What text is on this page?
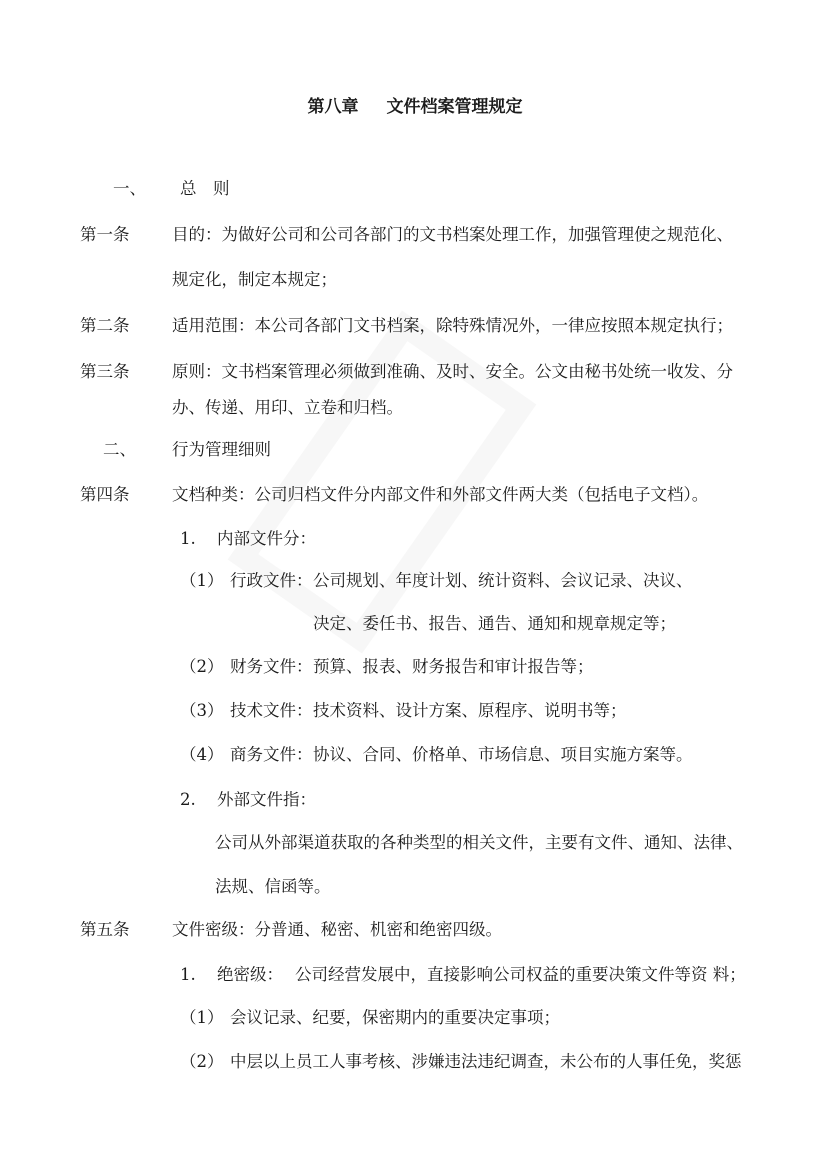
第八章 文件档案管理规定
一、 总　则
第一条	目的：为做好公司和公司各部门的文书档案处理工作，加强管理使之规范化、
规定化，制定本规定；
第二条	适用范围：本公司各部门文书档案，除特殊情况外，一律应按照本规定执行；
第三条	原则：文书档案管理必须做到准确、及时、安全。公文由秘书处统一收发、分
办、传递、用印、立卷和归档。
二、 行为管理细则
第四条	文档种类：公司归档文件分内部文件和外部文件两大类（包括电子文档）。
1. 内部文件分：
（1） 行政文件： 公司规划、年度计划、统计资料、会议记录、决议、
决定、委任书、报告、通告、通知和规章规定等；
（2） 财务文件： 预算、报表、财务报告和审计报告等；
（3） 技术文件： 技术资料、设计方案、原程序、说明书等；
（4） 商务文件： 协议、合同、价格单、市场信息、项目实施方案等。
2. 外部文件指：
公司从外部渠道获取的各种类型的相关文件，主要有文件、通知、法律、
法规、信函等。
第五条	文件密级：分普通、秘密、机密和绝密四级。
1. 绝密级： 公司经营发展中，直接影响公司权益的重要决策文件等资 料；
（1） 会议记录、纪要，保密期内的重要决定事项；
（2） 中层以上员工人事考核、涉嫌违法违纪调查，未公布的人事任免，奖惩
